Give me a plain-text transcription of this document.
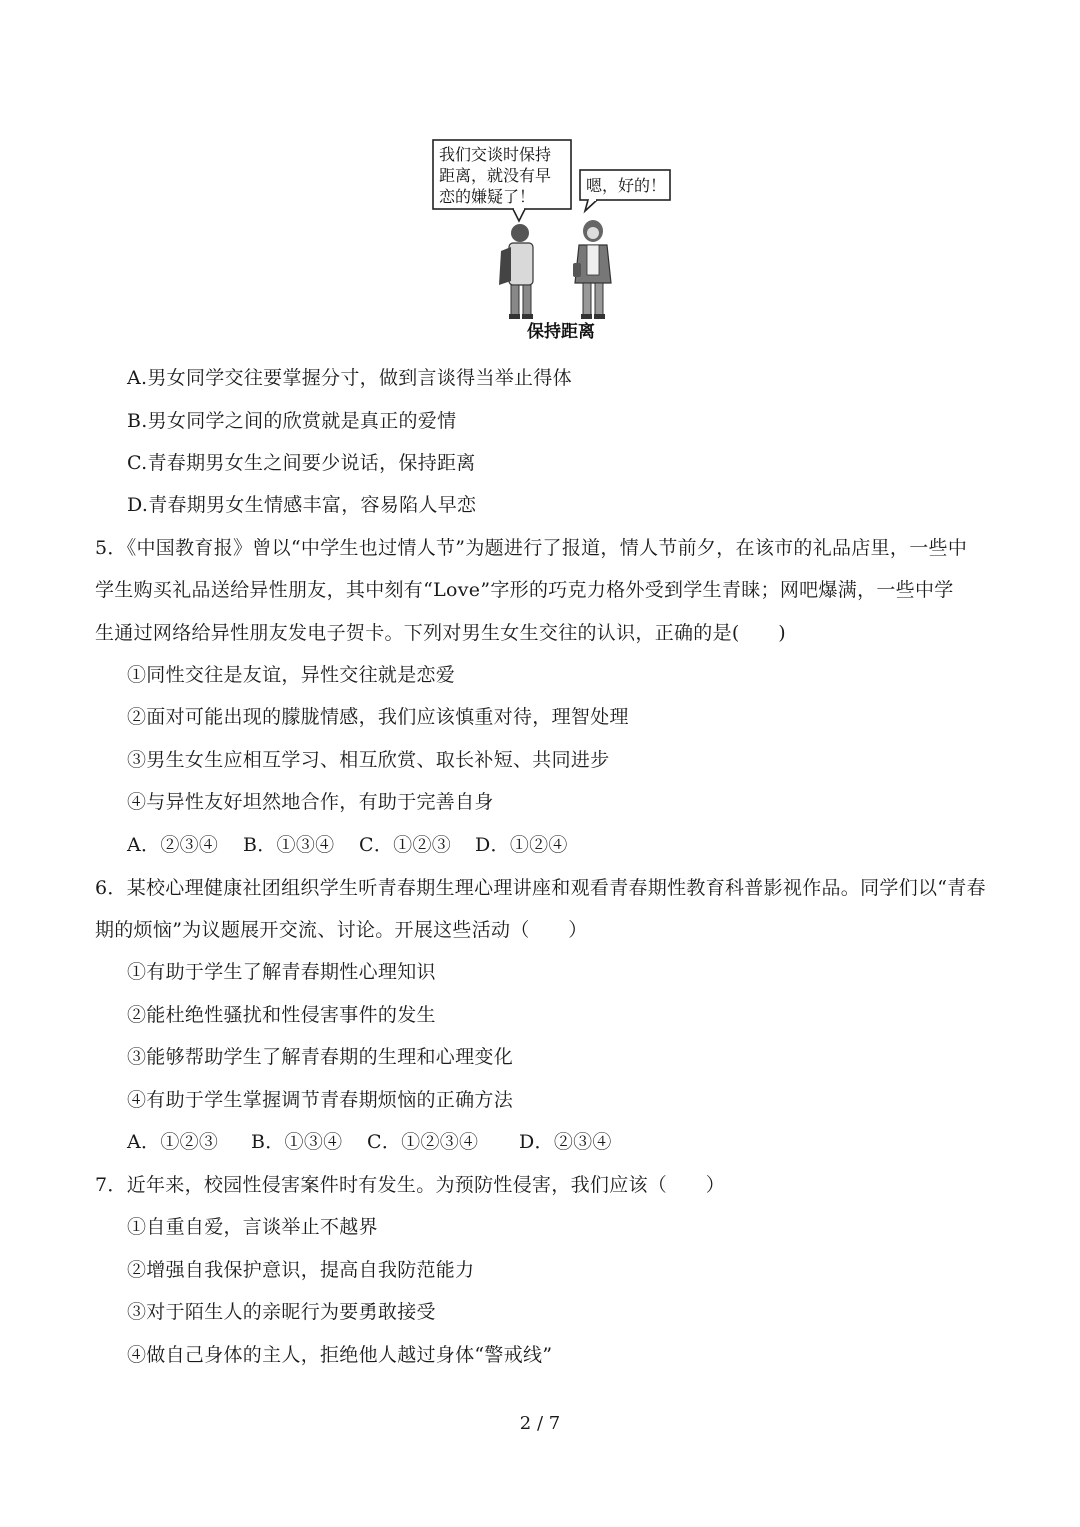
我们交谈时保持
距离，就没有早
恋的嫌疑了！
嗯，好的！
保持距离
A.男女同学交往要掌握分寸，做到言谈得当举止得体
B.男女同学之间的欣赏就是真正的爱情
C.青春期男女生之间要少说话，保持距离
D.青春期男女生情感丰富，容易陷人早恋
5．《中国教育报》曾以“中学生也过情人节”为题进行了报道，情人节前夕，在该市的礼品店里，一些中
学生购买礼品送给异性朋友，其中刻有“Love”字形的巧克力格外受到学生青睐；网吧爆满，一些中学
生通过网络给异性朋友发电子贺卡。下列对男生女生交往的认识，正确的是(　　)
①同性交往是友谊，异性交往就是恋爱
②面对可能出现的朦胧情感，我们应该慎重对待，理智处理
③男生女生应相互学习、相互欣赏、取长补短、共同进步
④与异性友好坦然地合作，有助于完善自身
A．②③④ B．①③④ C．①②③ D．①②④
6．某校心理健康社团组织学生听青春期生理心理讲座和观看青春期性教育科普影视作品。同学们以“青春
期的烦恼”为议题展开交流、讨论。开展这些活动（　　）
①有助于学生了解青春期性心理知识
②能杜绝性骚扰和性侵害事件的发生
③能够帮助学生了解青春期的生理和心理变化
④有助于学生掌握调节青春期烦恼的正确方法
A．①②③ B．①③④ C．①②③④ D．②③④
7．近年来，校园性侵害案件时有发生。为预防性侵害，我们应该（　　）
①自重自爱，言谈举止不越界
②增强自我保护意识，提高自我防范能力
③对于陌生人的亲昵行为要勇敢接受
④做自己身体的主人，拒绝他人越过身体“警戒线”
2 / 7
